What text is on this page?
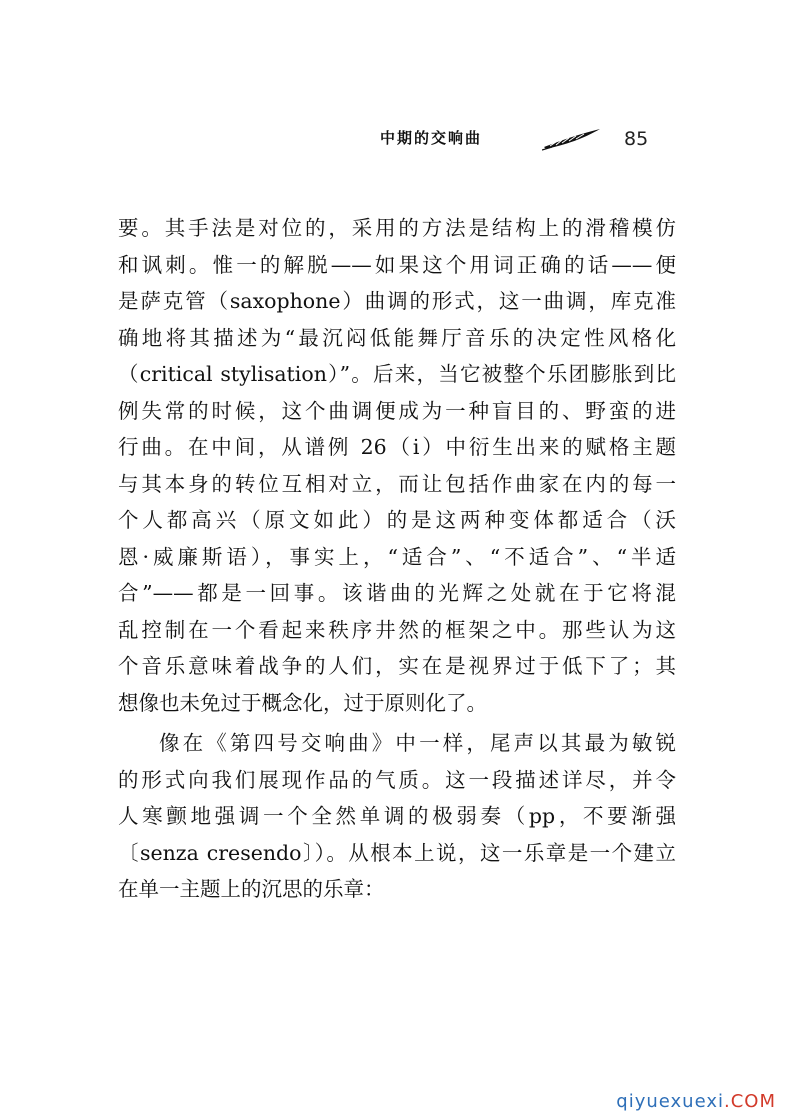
中期的交响曲	85
要。其手法是对位的，采用的方法是结构上的滑稽模仿
和讽刺。惟一的解脱——如果这个用词正确的话——便
是萨克管（saxophone）曲调的形式，这一曲调，库克准
确地将其描述为“最沉闷低能舞厅音乐的决定性风格化
（critical stylisation）”。后来，当它被整个乐团膨胀到比
例失常的时候，这个曲调便成为一种盲目的、野蛮的进
行曲。在中间，从谱例 26（i）中衍生出来的赋格主题
与其本身的转位互相对立，而让包括作曲家在内的每一
个人都高兴（原文如此）的是这两种变体都适合（沃
恩·威廉斯语），事实上，“适合”、“不适合”、“半适
合”——都是一回事。该谐曲的光辉之处就在于它将混
乱控制在一个看起来秩序井然的框架之中。那些认为这
个音乐意味着战争的人们，实在是视界过于低下了；其
想像也未免过于概念化，过于原则化了。
像在《第四号交响曲》中一样，尾声以其最为敏锐
的形式向我们展现作品的气质。这一段描述详尽，并令
人寒颤地强调一个全然单调的极弱奏（pp，不要渐强
〔senza cresendo〕）。从根本上说，这一乐章是一个建立
在单一主题上的沉思的乐章：
qiyuexuexi.COM
